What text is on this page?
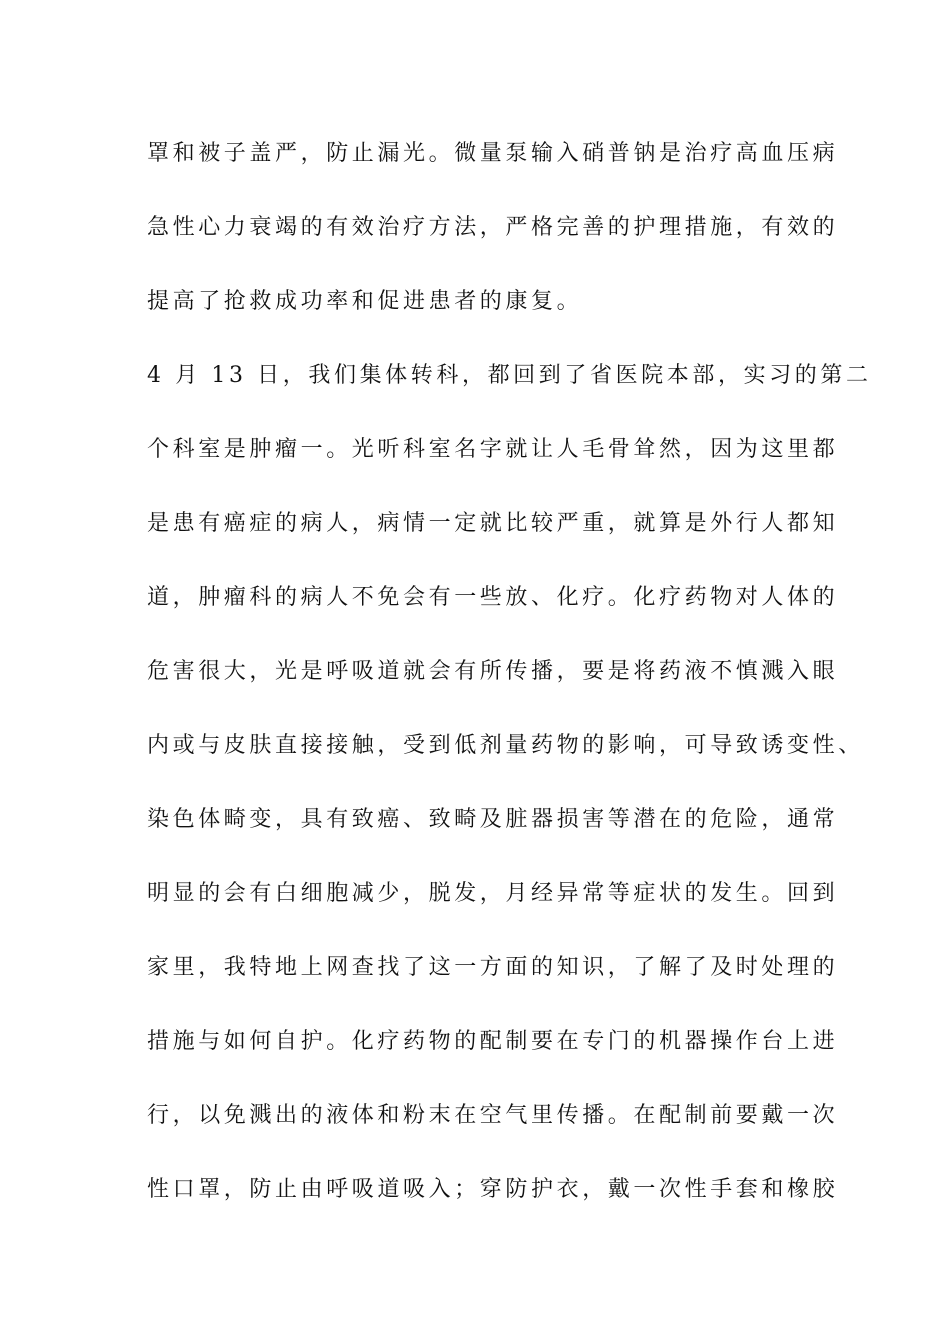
罩和被子盖严，防止漏光。微量泵输入硝普钠是治疗高血压病
急性心力衰竭的有效治疗方法，严格完善的护理措施，有效的
提高了抢救成功率和促进患者的康复。
4 月 13 日，我们集体转科，都回到了省医院本部，实习的第二
个科室是肿瘤一。光听科室名字就让人毛骨耸然，因为这里都
是患有癌症的病人，病情一定就比较严重，就算是外行人都知
道，肿瘤科的病人不免会有一些放、化疗。化疗药物对人体的
危害很大，光是呼吸道就会有所传播，要是将药液不慎溅入眼
内或与皮肤直接接触，受到低剂量药物的影响，可导致诱变性、
染色体畸变，具有致癌、致畸及脏器损害等潜在的危险，通常
明显的会有白细胞减少，脱发，月经异常等症状的发生。回到
家里，我特地上网查找了这一方面的知识，了解了及时处理的
措施与如何自护。化疗药物的配制要在专门的机器操作台上进
行，以免溅出的液体和粉末在空气里传播。在配制前要戴一次
性口罩，防止由呼吸道吸入；穿防护衣，戴一次性手套和橡胶
